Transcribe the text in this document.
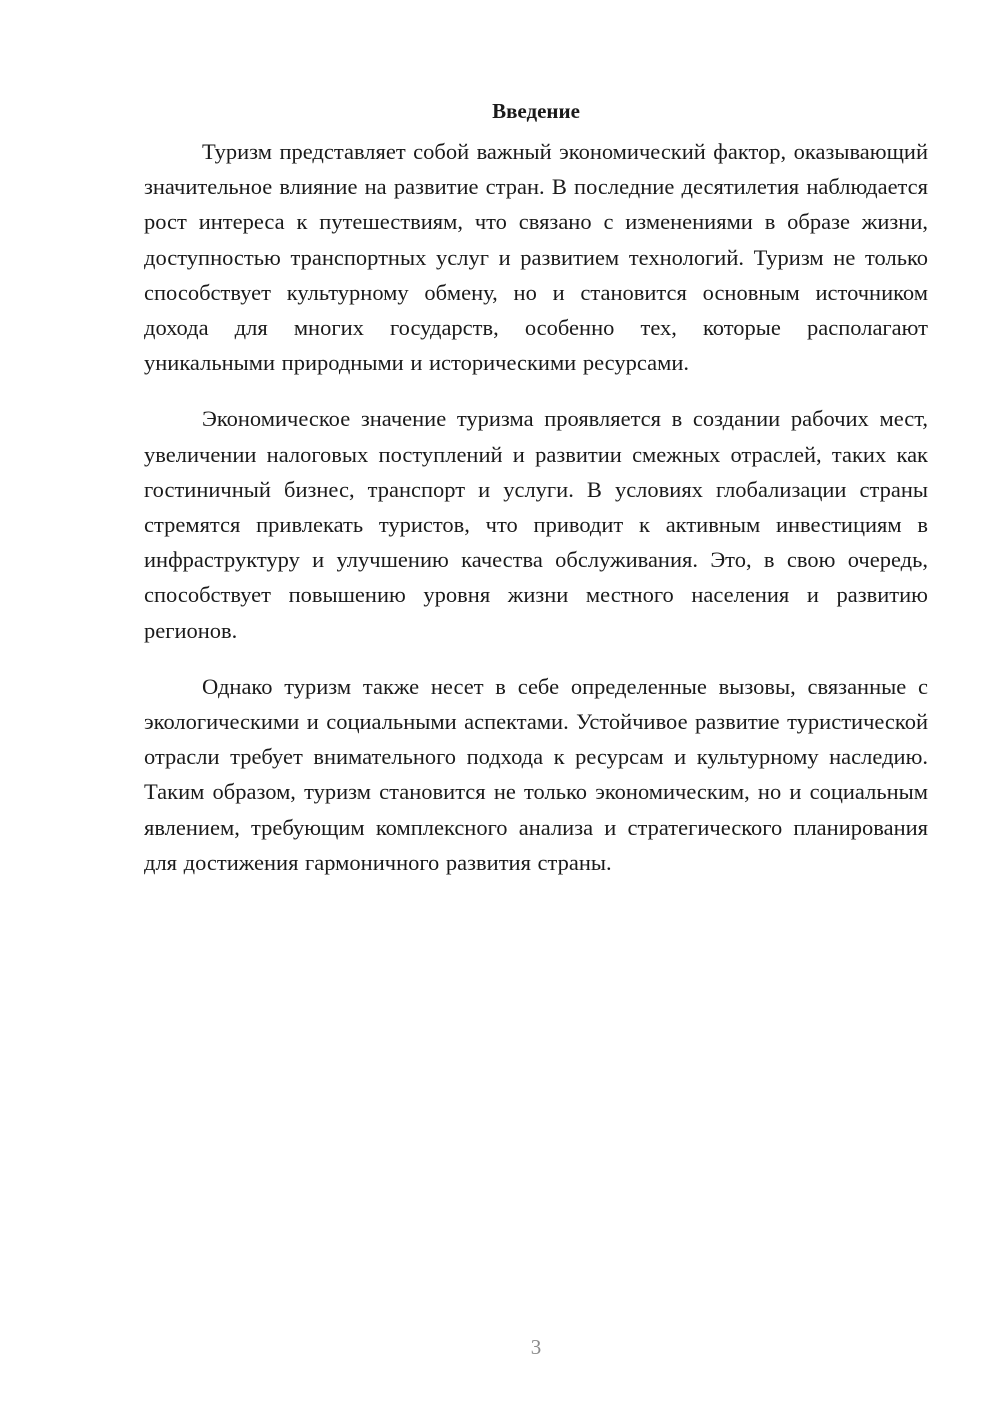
Введение

Туризм представляет собой важный экономический фактор, оказывающий значительное влияние на развитие стран. В последние десятилетия наблюдается рост интереса к путешествиям, что связано с изменениями в образе жизни, доступностью транспортных услуг и развитием технологий. Туризм не только способствует культурному обмену, но и становится основным источником дохода для многих государств, особенно тех, которые располагают уникальными природными и историческими ресурсами.

Экономическое значение туризма проявляется в создании рабочих мест, увеличении налоговых поступлений и развитии смежных отраслей, таких как гостиничный бизнес, транспорт и услуги. В условиях глобализации страны стремятся привлекать туристов, что приводит к активным инвестициям в инфраструктуру и улучшению качества обслуживания. Это, в свою очередь, способствует повышению уровня жизни местного населения и развитию регионов.

Однако туризм также несет в себе определенные вызовы, связанные с экологическими и социальными аспектами. Устойчивое развитие туристической отрасли требует внимательного подхода к ресурсам и культурному наследию. Таким образом, туризм становится не только экономическим, но и социальным явлением, требующим комплексного анализа и стратегического планирования для достижения гармоничного развития страны.

3
